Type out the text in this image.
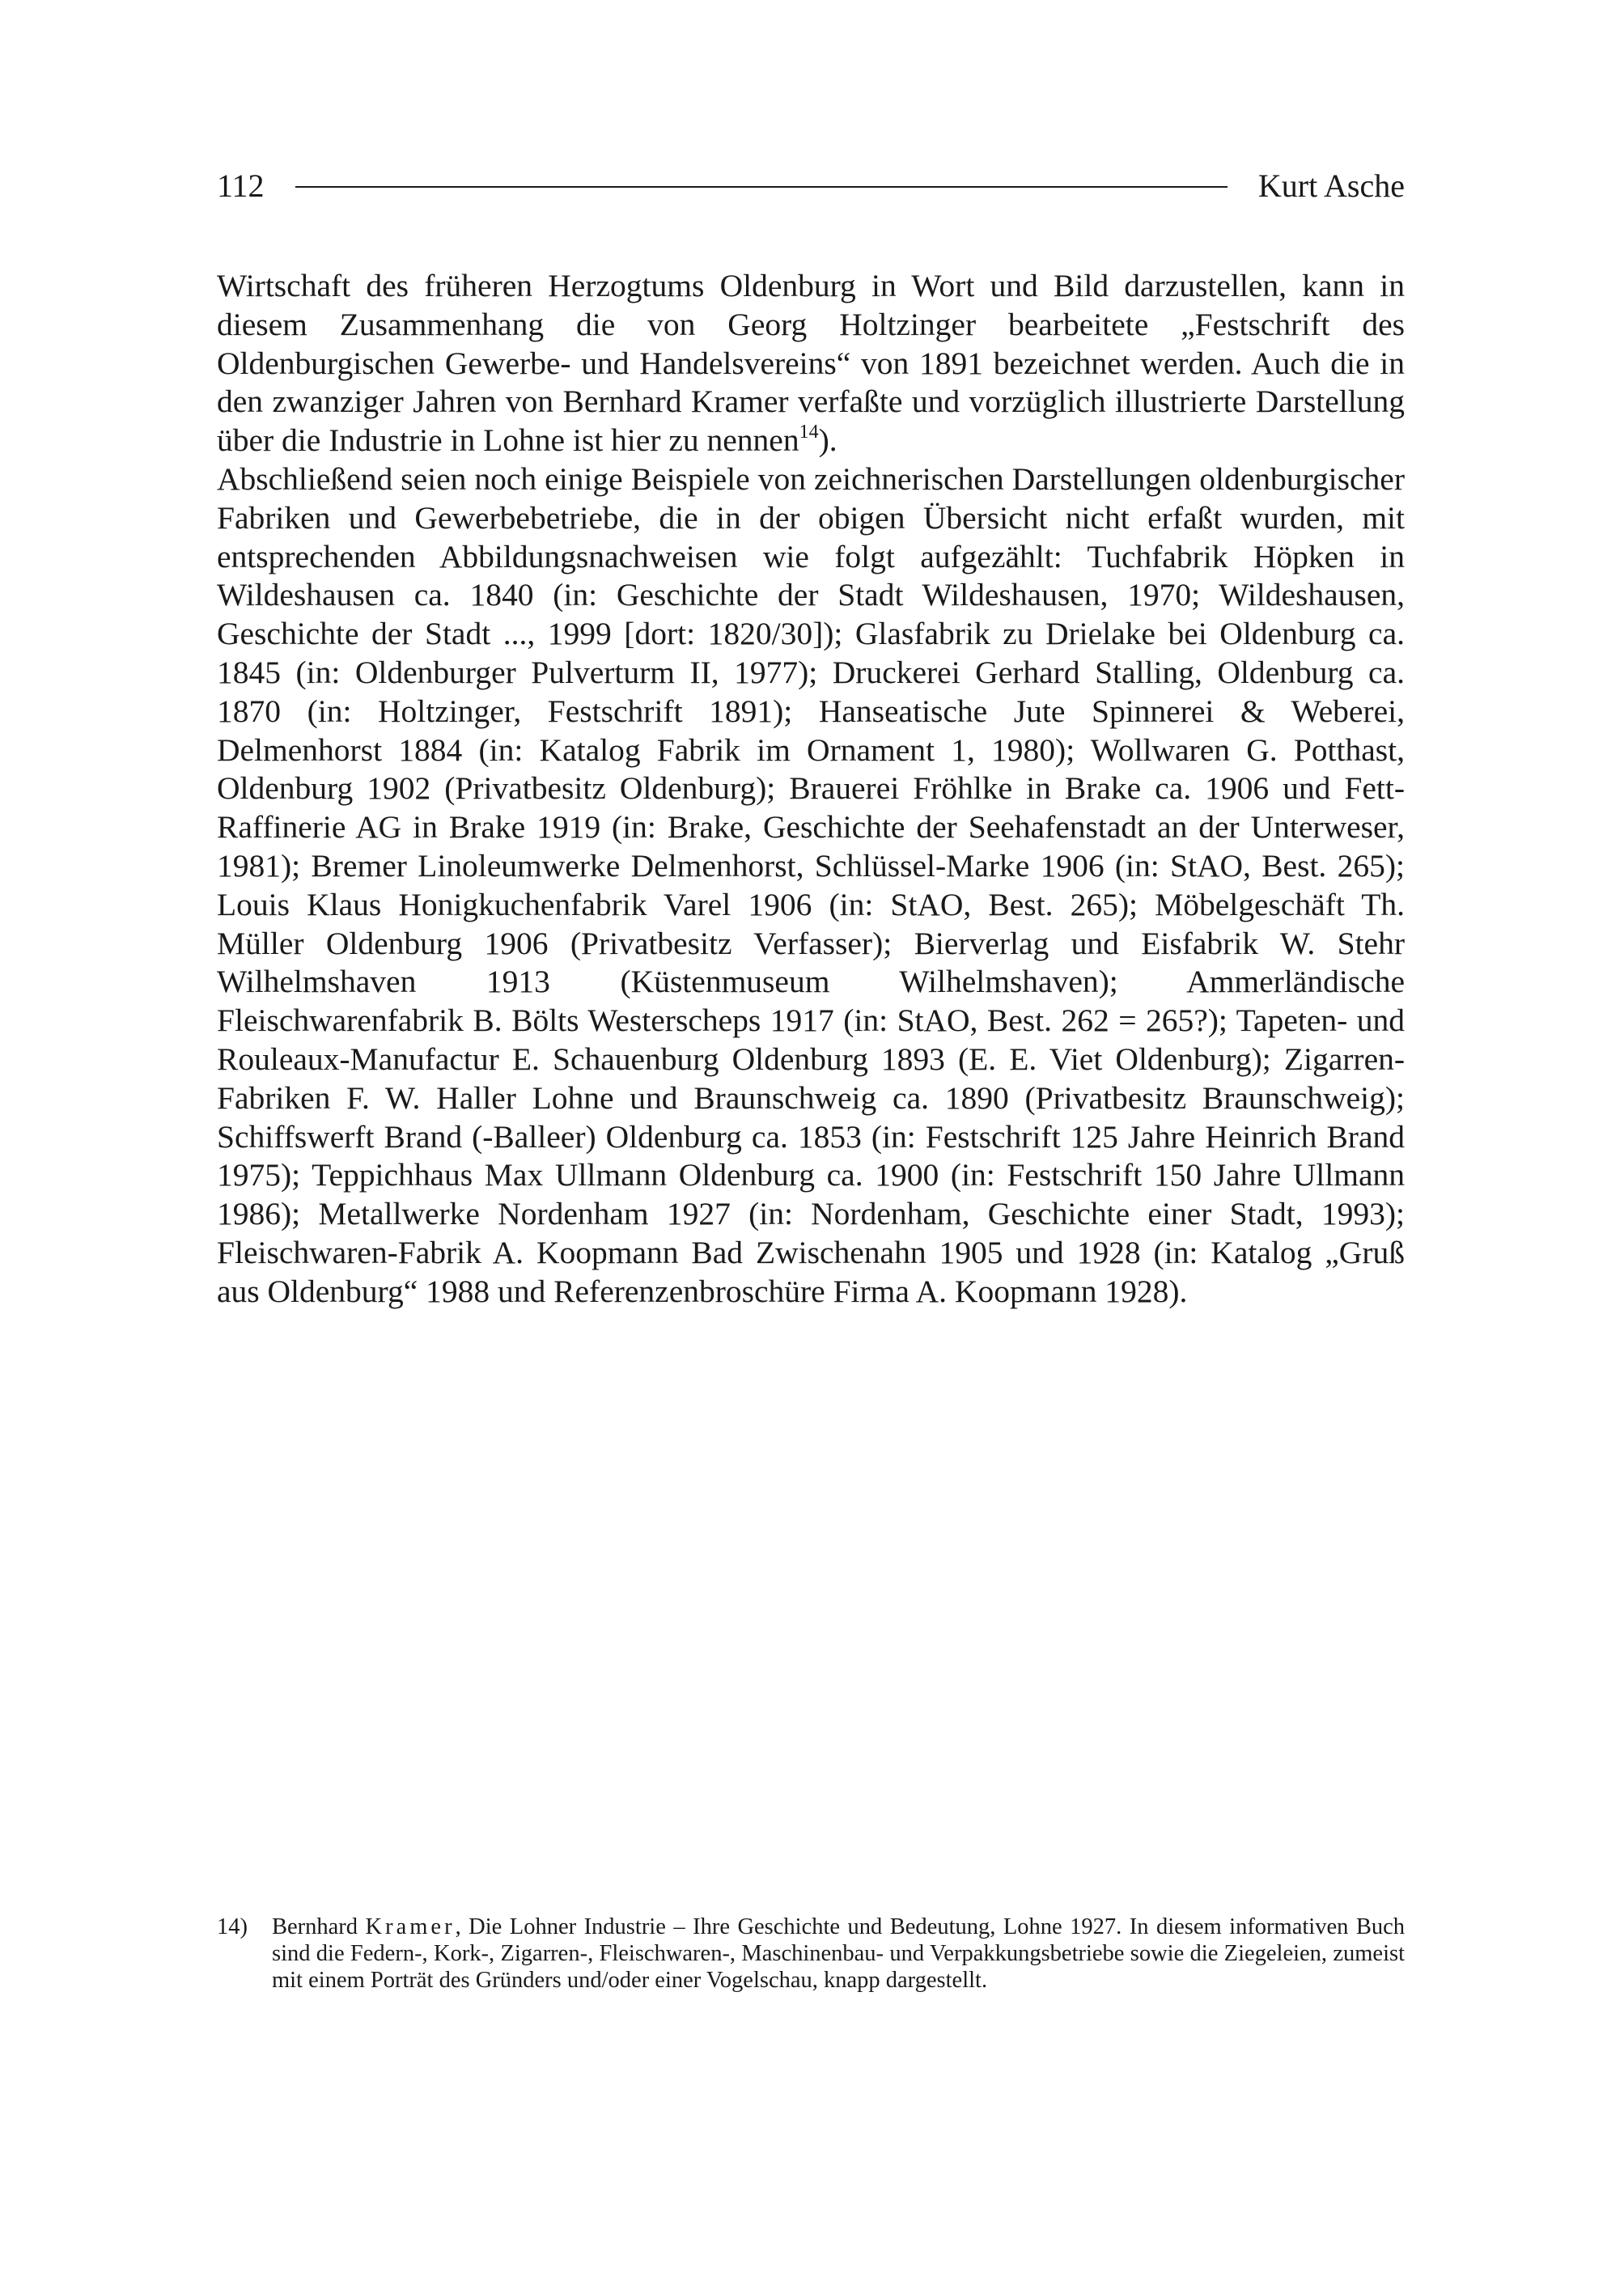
112	Kurt Asche

Wirtschaft des früheren Herzogtums Oldenburg in Wort und Bild darzustellen, kann in diesem Zusammenhang die von Georg Holtzinger bearbeitete „Festschrift des Oldenburgischen Gewerbe- und Handelsvereins“ von 1891 bezeichnet werden. Auch die in den zwanziger Jahren von Bernhard Kramer verfaßte und vorzüglich illustrierte Darstellung über die Industrie in Lohne ist hier zu nennen$^{14}$).

Abschließend seien noch einige Beispiele von zeichnerischen Darstellungen oldenburgischer Fabriken und Gewerbebetriebe, die in der obigen Übersicht nicht erfaßt wurden, mit entsprechenden Abbildungsnachweisen wie folgt aufgezählt: Tuchfabrik Höpken in Wildeshausen ca. 1840 (in: Geschichte der Stadt Wildeshausen, 1970; Wildeshausen, Geschichte der Stadt ..., 1999 [dort: 1820/30]); Glasfabrik zu Drielake bei Oldenburg ca. 1845 (in: Oldenburger Pulverturm II, 1977); Druckerei Gerhard Stalling, Oldenburg ca. 1870 (in: Holtzinger, Festschrift 1891); Hanseatische Jute Spinnerei & Weberei, Delmenhorst 1884 (in: Katalog Fabrik im Ornament 1, 1980); Wollwaren G. Potthast, Oldenburg 1902 (Privatbesitz Oldenburg); Brauerei Fröhlke in Brake ca. 1906 und Fett-Raffinerie AG in Brake 1919 (in: Brake, Geschichte der Seehafenstadt an der Unterweser, 1981); Bremer Linoleumwerke Delmenhorst, Schlüssel-Marke 1906 (in: StAO, Best. 265); Louis Klaus Honigkuchenfabrik Varel 1906 (in: StAO, Best. 265); Möbelgeschäft Th. Müller Oldenburg 1906 (Privatbesitz Verfasser); Bierverlag und Eisfabrik W. Stehr Wilhelmshaven 1913 (Küstenmuseum Wilhelmshaven); Ammerländische Fleischwarenfabrik B. Bölts Westerscheps 1917 (in: StAO, Best. 262 = 265?); Tapeten- und Rouleaux-Manufactur E. Schauenburg Oldenburg 1893 (E. E. Viet Oldenburg); Zigarren-Fabriken F. W. Haller Lohne und Braunschweig ca. 1890 (Privatbesitz Braunschweig); Schiffswerft Brand (-Balleer) Oldenburg ca. 1853 (in: Festschrift 125 Jahre Heinrich Brand 1975); Teppichhaus Max Ullmann Oldenburg ca. 1900 (in: Festschrift 150 Jahre Ullmann 1986); Metallwerke Nordenham 1927 (in: Nordenham, Geschichte einer Stadt, 1993); Fleischwaren-Fabrik A. Koopmann Bad Zwischenahn 1905 und 1928 (in: Katalog „Gruß aus Oldenburg“ 1988 und Referenzenbroschüre Firma A. Koopmann 1928).

14)	Bernhard Kramer, Die Lohner Industrie – Ihre Geschichte und Bedeutung, Lohne 1927. In diesem informativen Buch sind die Federn-, Kork-, Zigarren-, Fleischwaren-, Maschinenbau- und Verpakkungsbetriebe sowie die Ziegeleien, zumeist mit einem Porträt des Gründers und/oder einer Vogelschau, knapp dargestellt.
